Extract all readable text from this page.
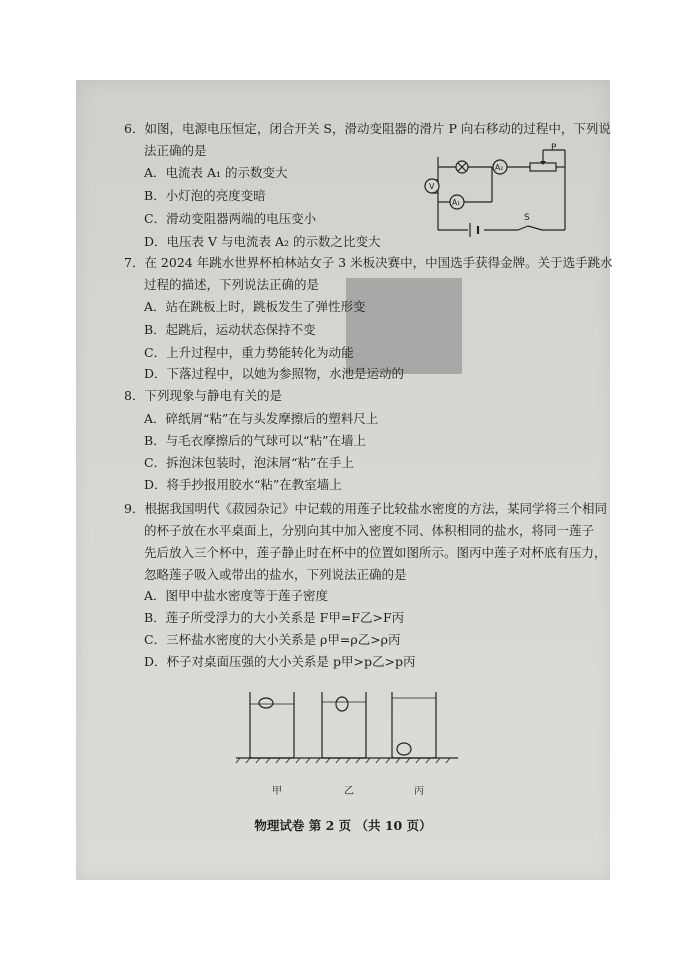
6．如图，电源电压恒定，闭合开关 S，滑动变阻器的滑片 P 向右移动的过程中，下列说
法正确的是
A．电流表 A₁ 的示数变大
B．小灯泡的亮度变暗
C．滑动变阻器两端的电压变小
D．电压表 V 与电流表 A₂ 的示数之比变大
P
A₂
V
A₁
S
7．在 2024 年跳水世界杯柏林站女子 3 米板决赛中，中国选手获得金牌。关于选手跳水
过程的描述，下列说法正确的是
A．站在跳板上时，跳板发生了弹性形变
B．起跳后，运动状态保持不变
C．上升过程中，重力势能转化为动能
D．下落过程中，以她为参照物，水池是运动的
8．下列现象与静电有关的是
A．碎纸屑“粘”在与头发摩擦后的塑料尺上
B．与毛衣摩擦后的气球可以“粘”在墙上
C．拆泡沫包装时，泡沫屑“粘”在手上
D．将手抄报用胶水“粘”在教室墙上
9．根据我国明代《菽园杂记》中记载的用莲子比较盐水密度的方法，某同学将三个相同
的杯子放在水平桌面上，分别向其中加入密度不同、体积相同的盐水，将同一莲子
先后放入三个杯中，莲子静止时在杯中的位置如图所示。图丙中莲子对杯底有压力，
忽略莲子吸入或带出的盐水，下列说法正确的是
A．图甲中盐水密度等于莲子密度
B．莲子所受浮力的大小关系是 F甲=F乙>F丙
C．三杯盐水密度的大小关系是 ρ甲=ρ乙>ρ丙
D．杯子对桌面压强的大小关系是 p甲>p乙>p丙
甲	乙	丙
物理试卷 第 2 页 （共 10 页）
